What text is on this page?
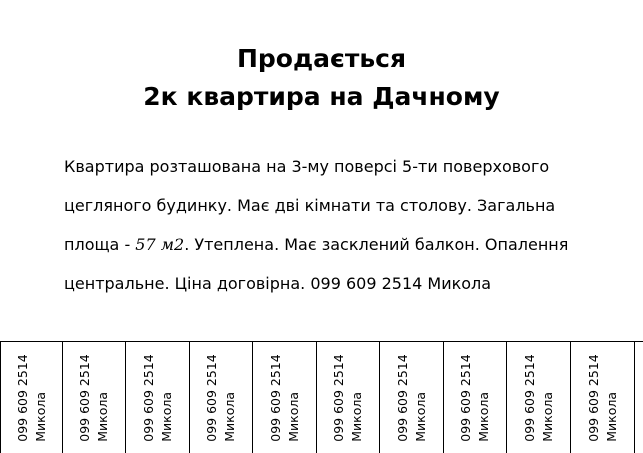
Продається
2к квартира на Дачному
Квартира розташована на 3-му поверсі 5-ти поверхового
цегляного будинку. Має дві кімнати та столову. Загальна
площа - 57 м2. Утеплена. Має засклений балкон. Опалення
центральне. Ціна договірна. 099 609 2514 Микола
099 609 2514 Микола 099 609 2514 Микола 099 609 2514 Микола 099 609 2514 Микола 099 609 2514 Микола 099 609 2514 Микола 099 609 2514 Микола 099 609 2514 Микола 099 609 2514 Микола 099 609 2514 Микола
